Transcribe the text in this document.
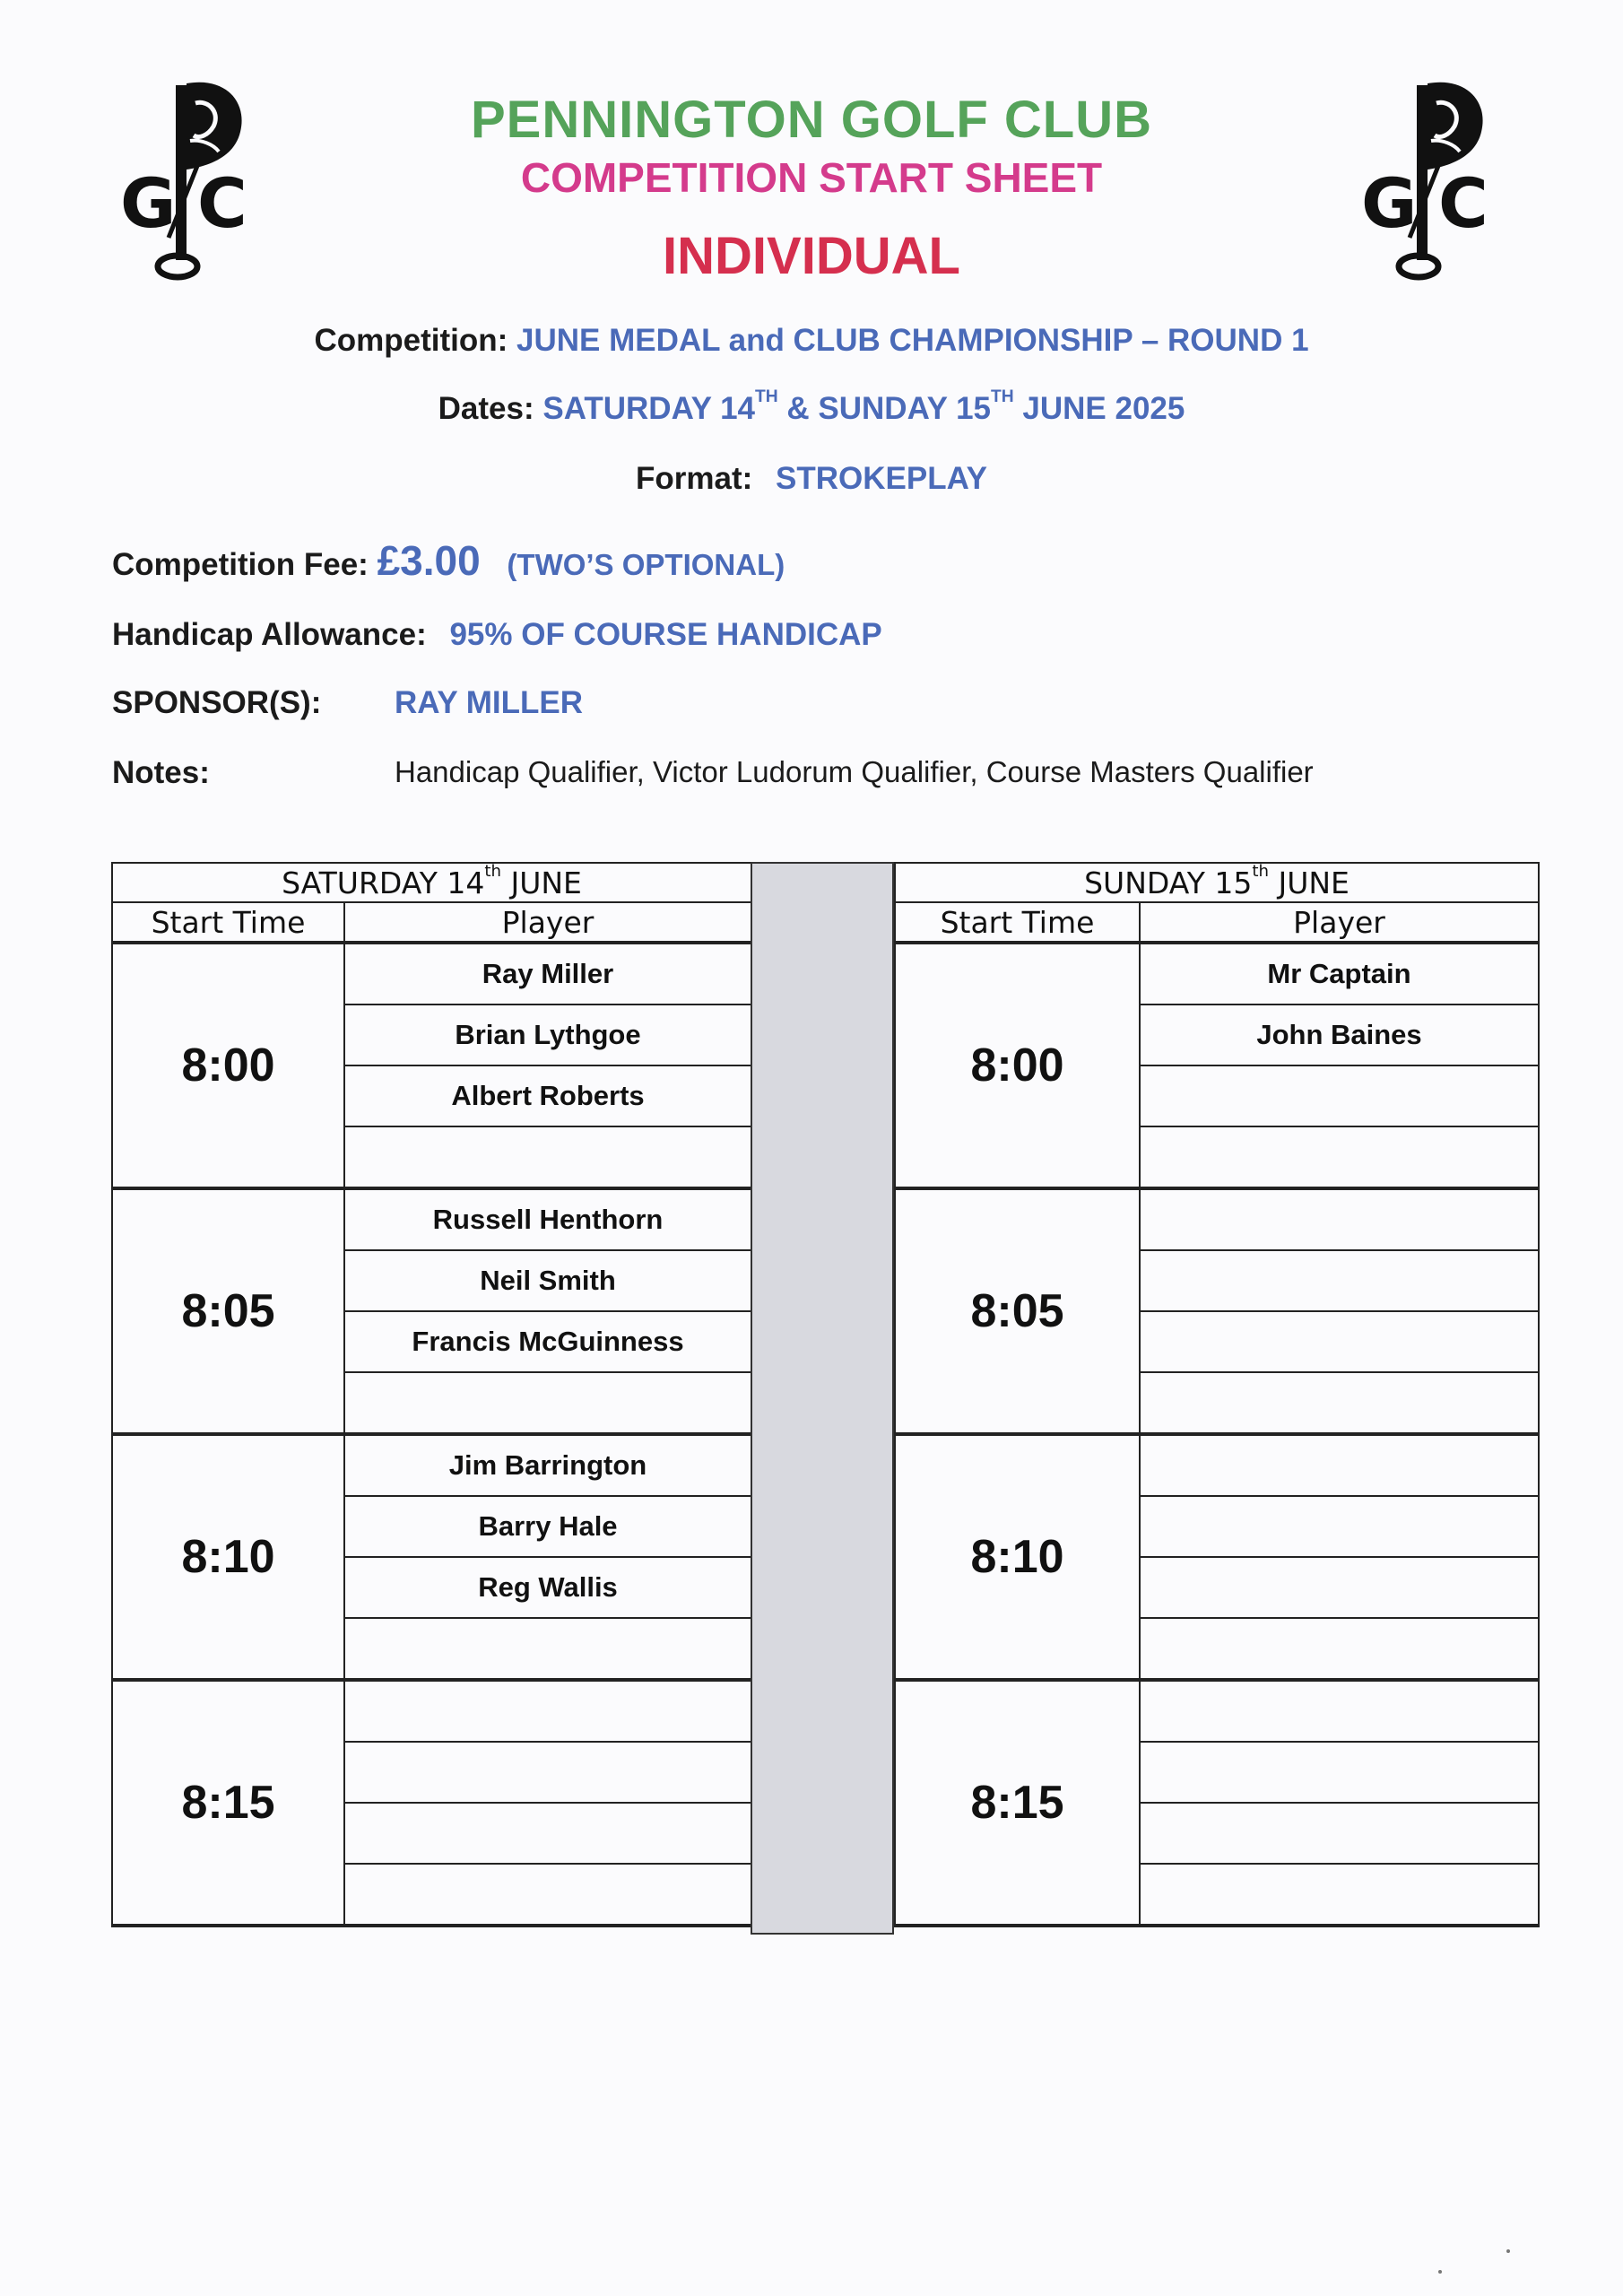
G C	G C
PENNINGTON GOLF CLUB
COMPETITION START SHEET
INDIVIDUAL
Competition: JUNE MEDAL and CLUB CHAMPIONSHIP – ROUND 1
Dates: SATURDAY 14TH & SUNDAY 15TH JUNE 2025
Format: STROKEPLAY
Competition Fee: £3.00 (TWO’S OPTIONAL)
Handicap Allowance: 95% OF COURSE HANDICAP
SPONSOR(S): RAY MILLER
Notes:	Handicap Qualifier, Victor Ludorum Qualifier, Course Masters Qualifier
SATURDAY 14th JUNE	
Start Time	Player
8:00	Ray Miller
	Brian Lythgoe
	Albert Roberts

8:05	Russell Henthorn
	Neil Smith
	Francis McGuinness

8:10	Jim Barrington
	Barry Hale
	Reg Wallis

8:15	

SUNDAY 15th JUNE	
Start Time	Player
8:00	Mr Captain
	John Baines

8:05	

8:10	

8:15	
